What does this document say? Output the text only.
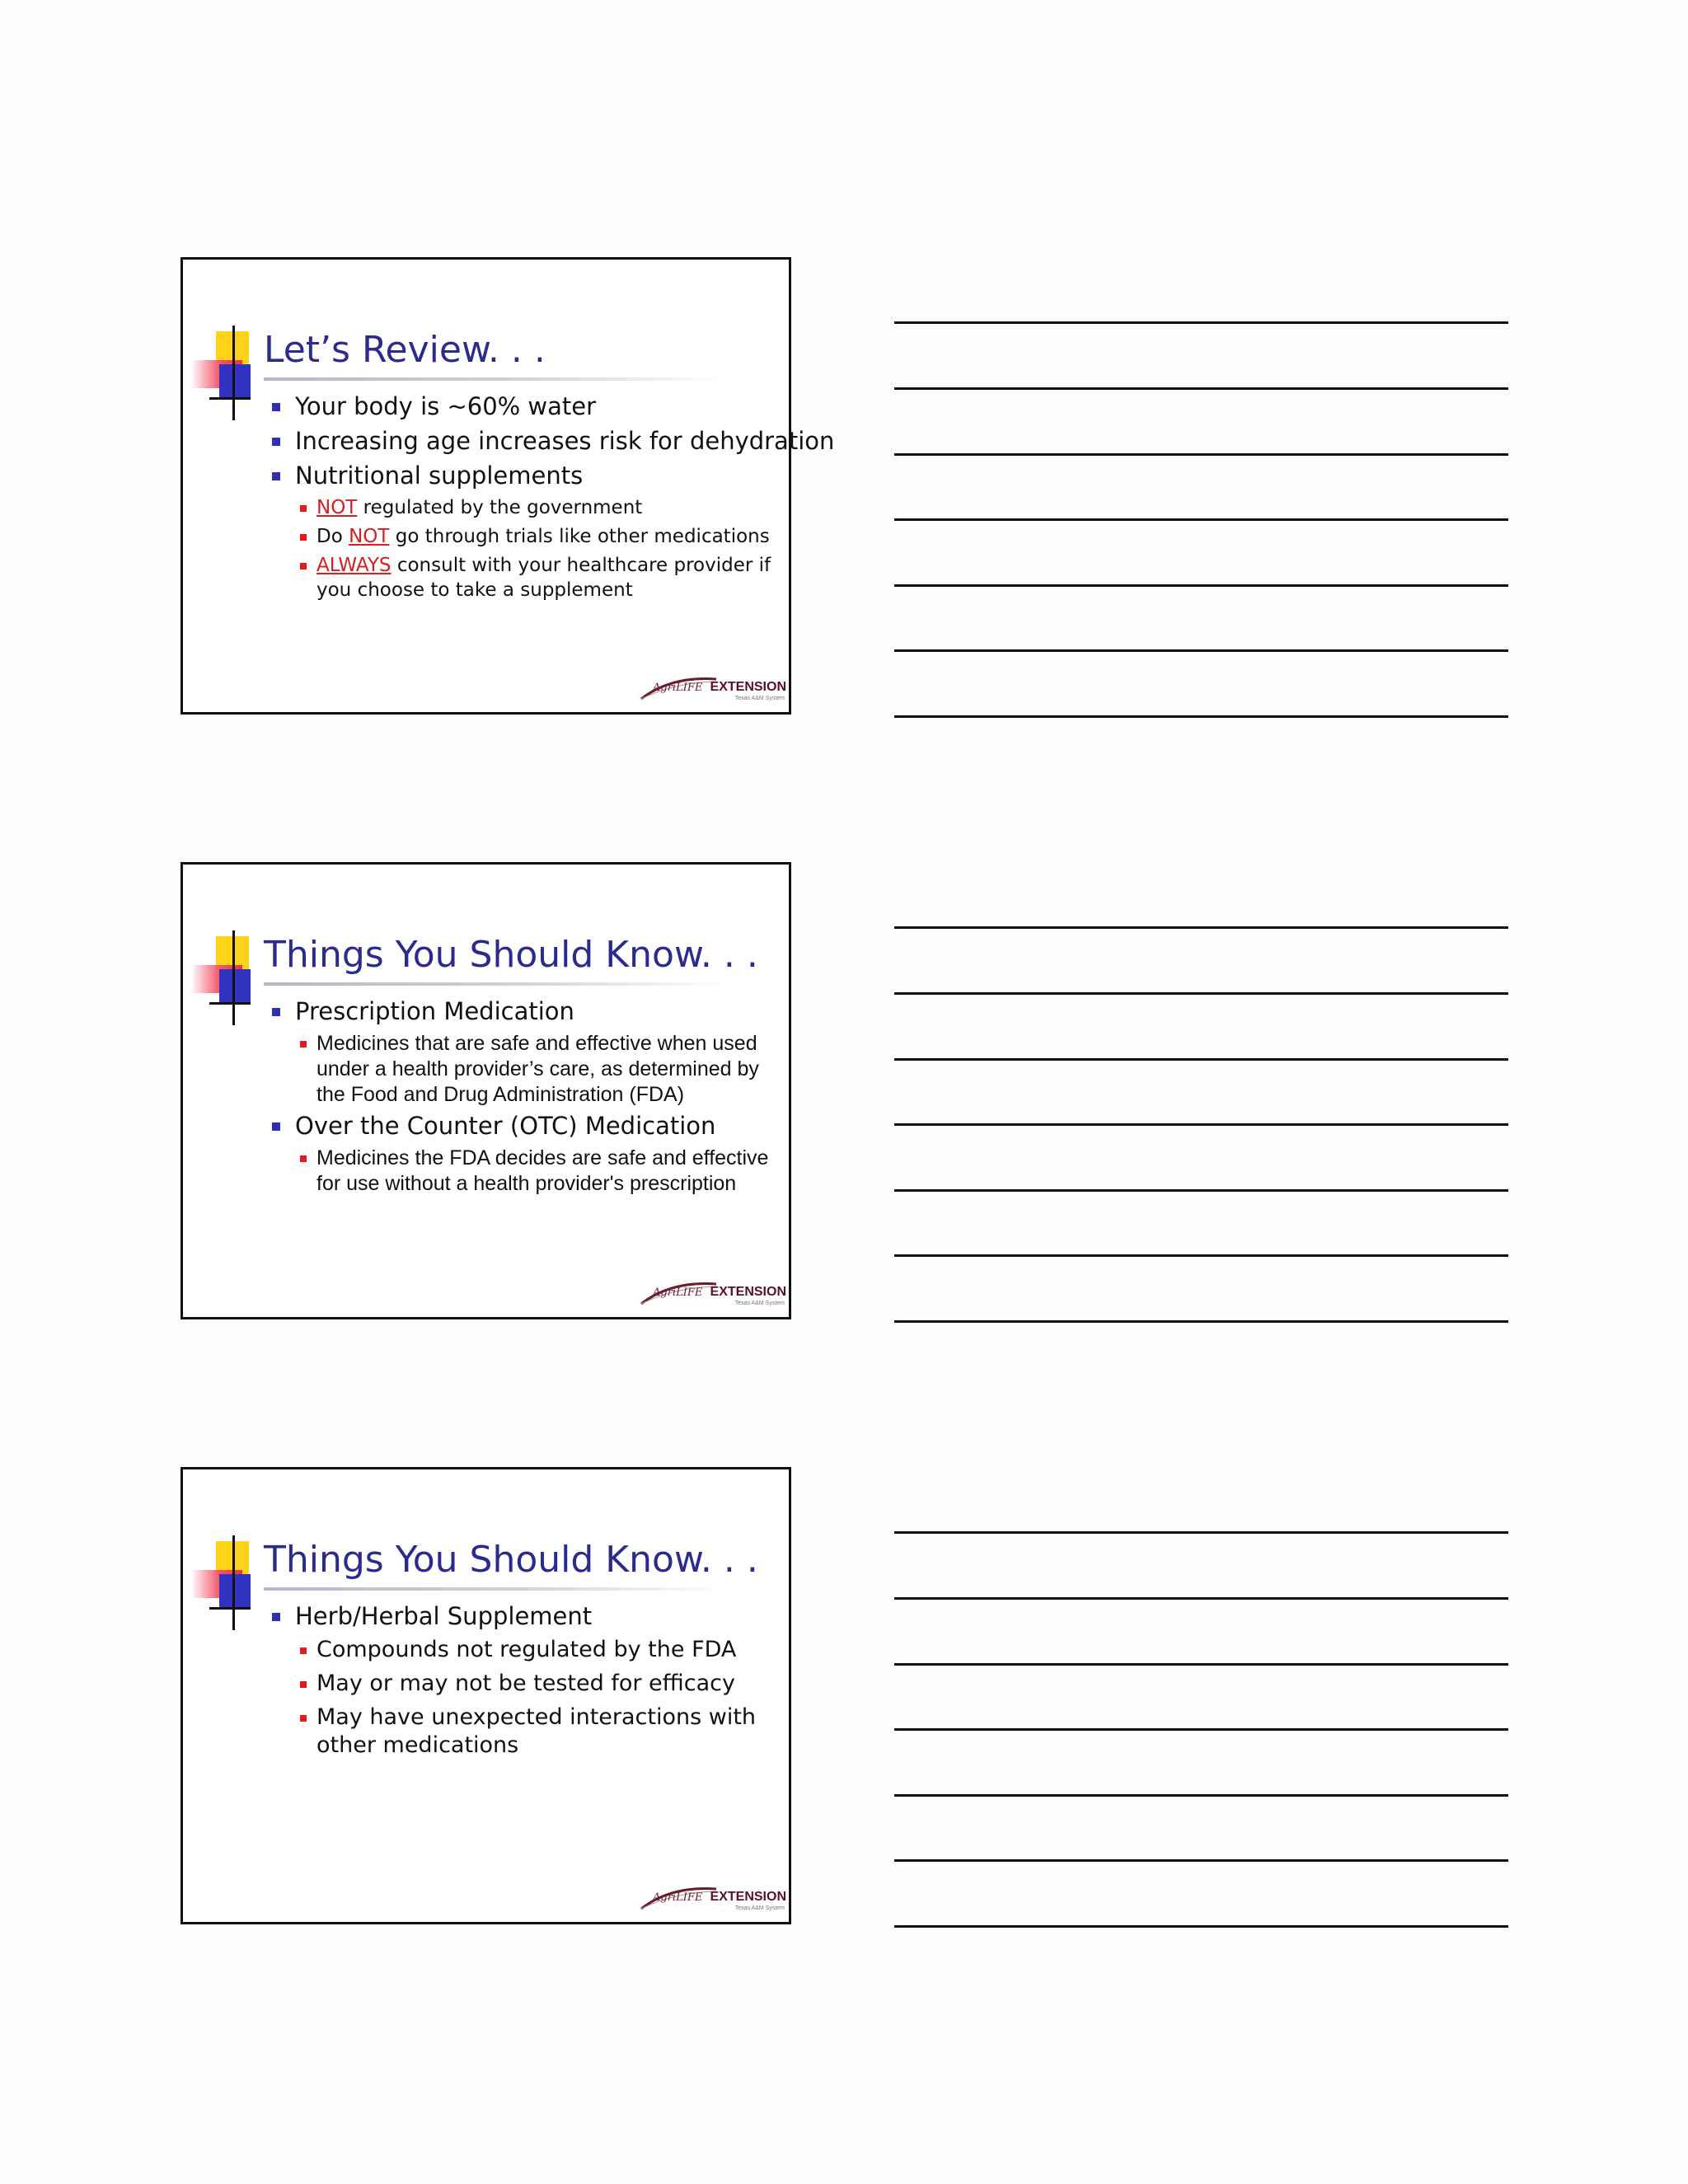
Let’s Review. . .
Your body is ~60% water
Increasing age increases risk for dehydration
Nutritional supplements
NOT regulated by the government
Do NOT go through trials like other medications
ALWAYS consult with your healthcare provider if you choose to take a supplement
AgriLIFE EXTENSION
Texas A&M System
Things You Should Know. . .
Prescription Medication
Medicines that are safe and effective when used under a health provider’s care, as determined by the Food and Drug Administration (FDA)
Over the Counter (OTC) Medication
Medicines the FDA decides are safe and effective for use without a health provider's prescription
AgriLIFE EXTENSION
Texas A&M System
Things You Should Know. . .
Herb/Herbal Supplement
Compounds not regulated by the FDA
May or may not be tested for efficacy
May have unexpected interactions with other medications
AgriLIFE EXTENSION
Texas A&M System
